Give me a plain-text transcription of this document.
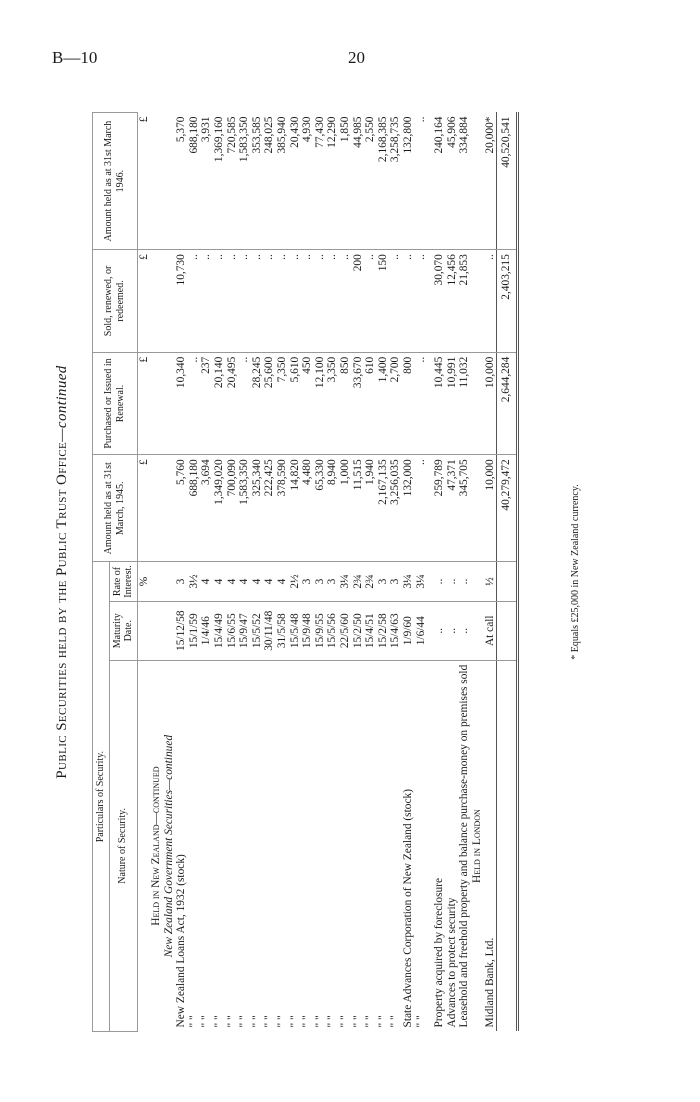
B—10	20
Public Securities held by the Public Trust Office—continued
Particulars of Security.			Amount held as at 31st March, 1945.	Purchased or Issued in Renewal.	Sold, renewed, or redeemed.	Amount held as at 31st March 1946.
Nature of Security.	Maturity Date.	Rate of Interest.				
		%	£	£	£	£
Held in New Zealand—continued						
New Zealand Government Securities—continued						
New Zealand Loans Act, 1932 (stock)	15/12/58	3	5,760	10,340	10,730	5,370
" "	15/1/59	3½	688,180	..	..	688,180
" "	1/4/46	4	3,694	237	..	3,931
" "	15/4/49	4	1,349,020	20,140	..	1,369,160
" "	15/6/55	4	700,090	20,495	..	720,585
" "	15/9/47	4	1,583,350	..	..	1,583,350
" "	15/5/52	4	325,340	28,245	..	353,585
" "	30/11/48	4	222,425	25,600	..	248,025
" "	31/5/58	4	378,590	7,350	..	385,940
" "	15/5/48	2½	14,820	5,610	..	20,430
" "	15/9/48	3	4,480	450	..	4,930
" "	15/9/55	3	65,330	12,100	..	77,430
" "	15/5/56	3	8,940	3,350	..	12,290
" "	22/5/60	3¼	1,000	850	..	1,850
" "	15/2/50	2¾	11,515	33,670	200	44,985
" "	15/4/51	2¾	1,940	610	..	2,550
" "	15/2/58	3	2,167,135	1,400	150	2,168,385
" "	15/4/63	3	3,256,035	2,700	..	3,258,735
State Advances Corporation of New Zealand (stock)	1/9/60	3¼	132,000	800	..	132,800
" "	1/6/44	3¼	..	..	..	..

Property acquired by foreclosure	..	..	259,789	10,445	30,070	240,164
Advances to protect security	..	..	47,371	10,991	12,456	45,906
Leasehold and freehold property and balance purchase-money on premises sold	..	..	345,705	11,032	21,853	334,884
Held in London						
Midland Bank, Ltd.	At call	½	10,000	10,000	..	20,000*
			40,279,472	2,644,284	2,403,215	40,520,541
* Equals £25,000 in New Zealand currency.
